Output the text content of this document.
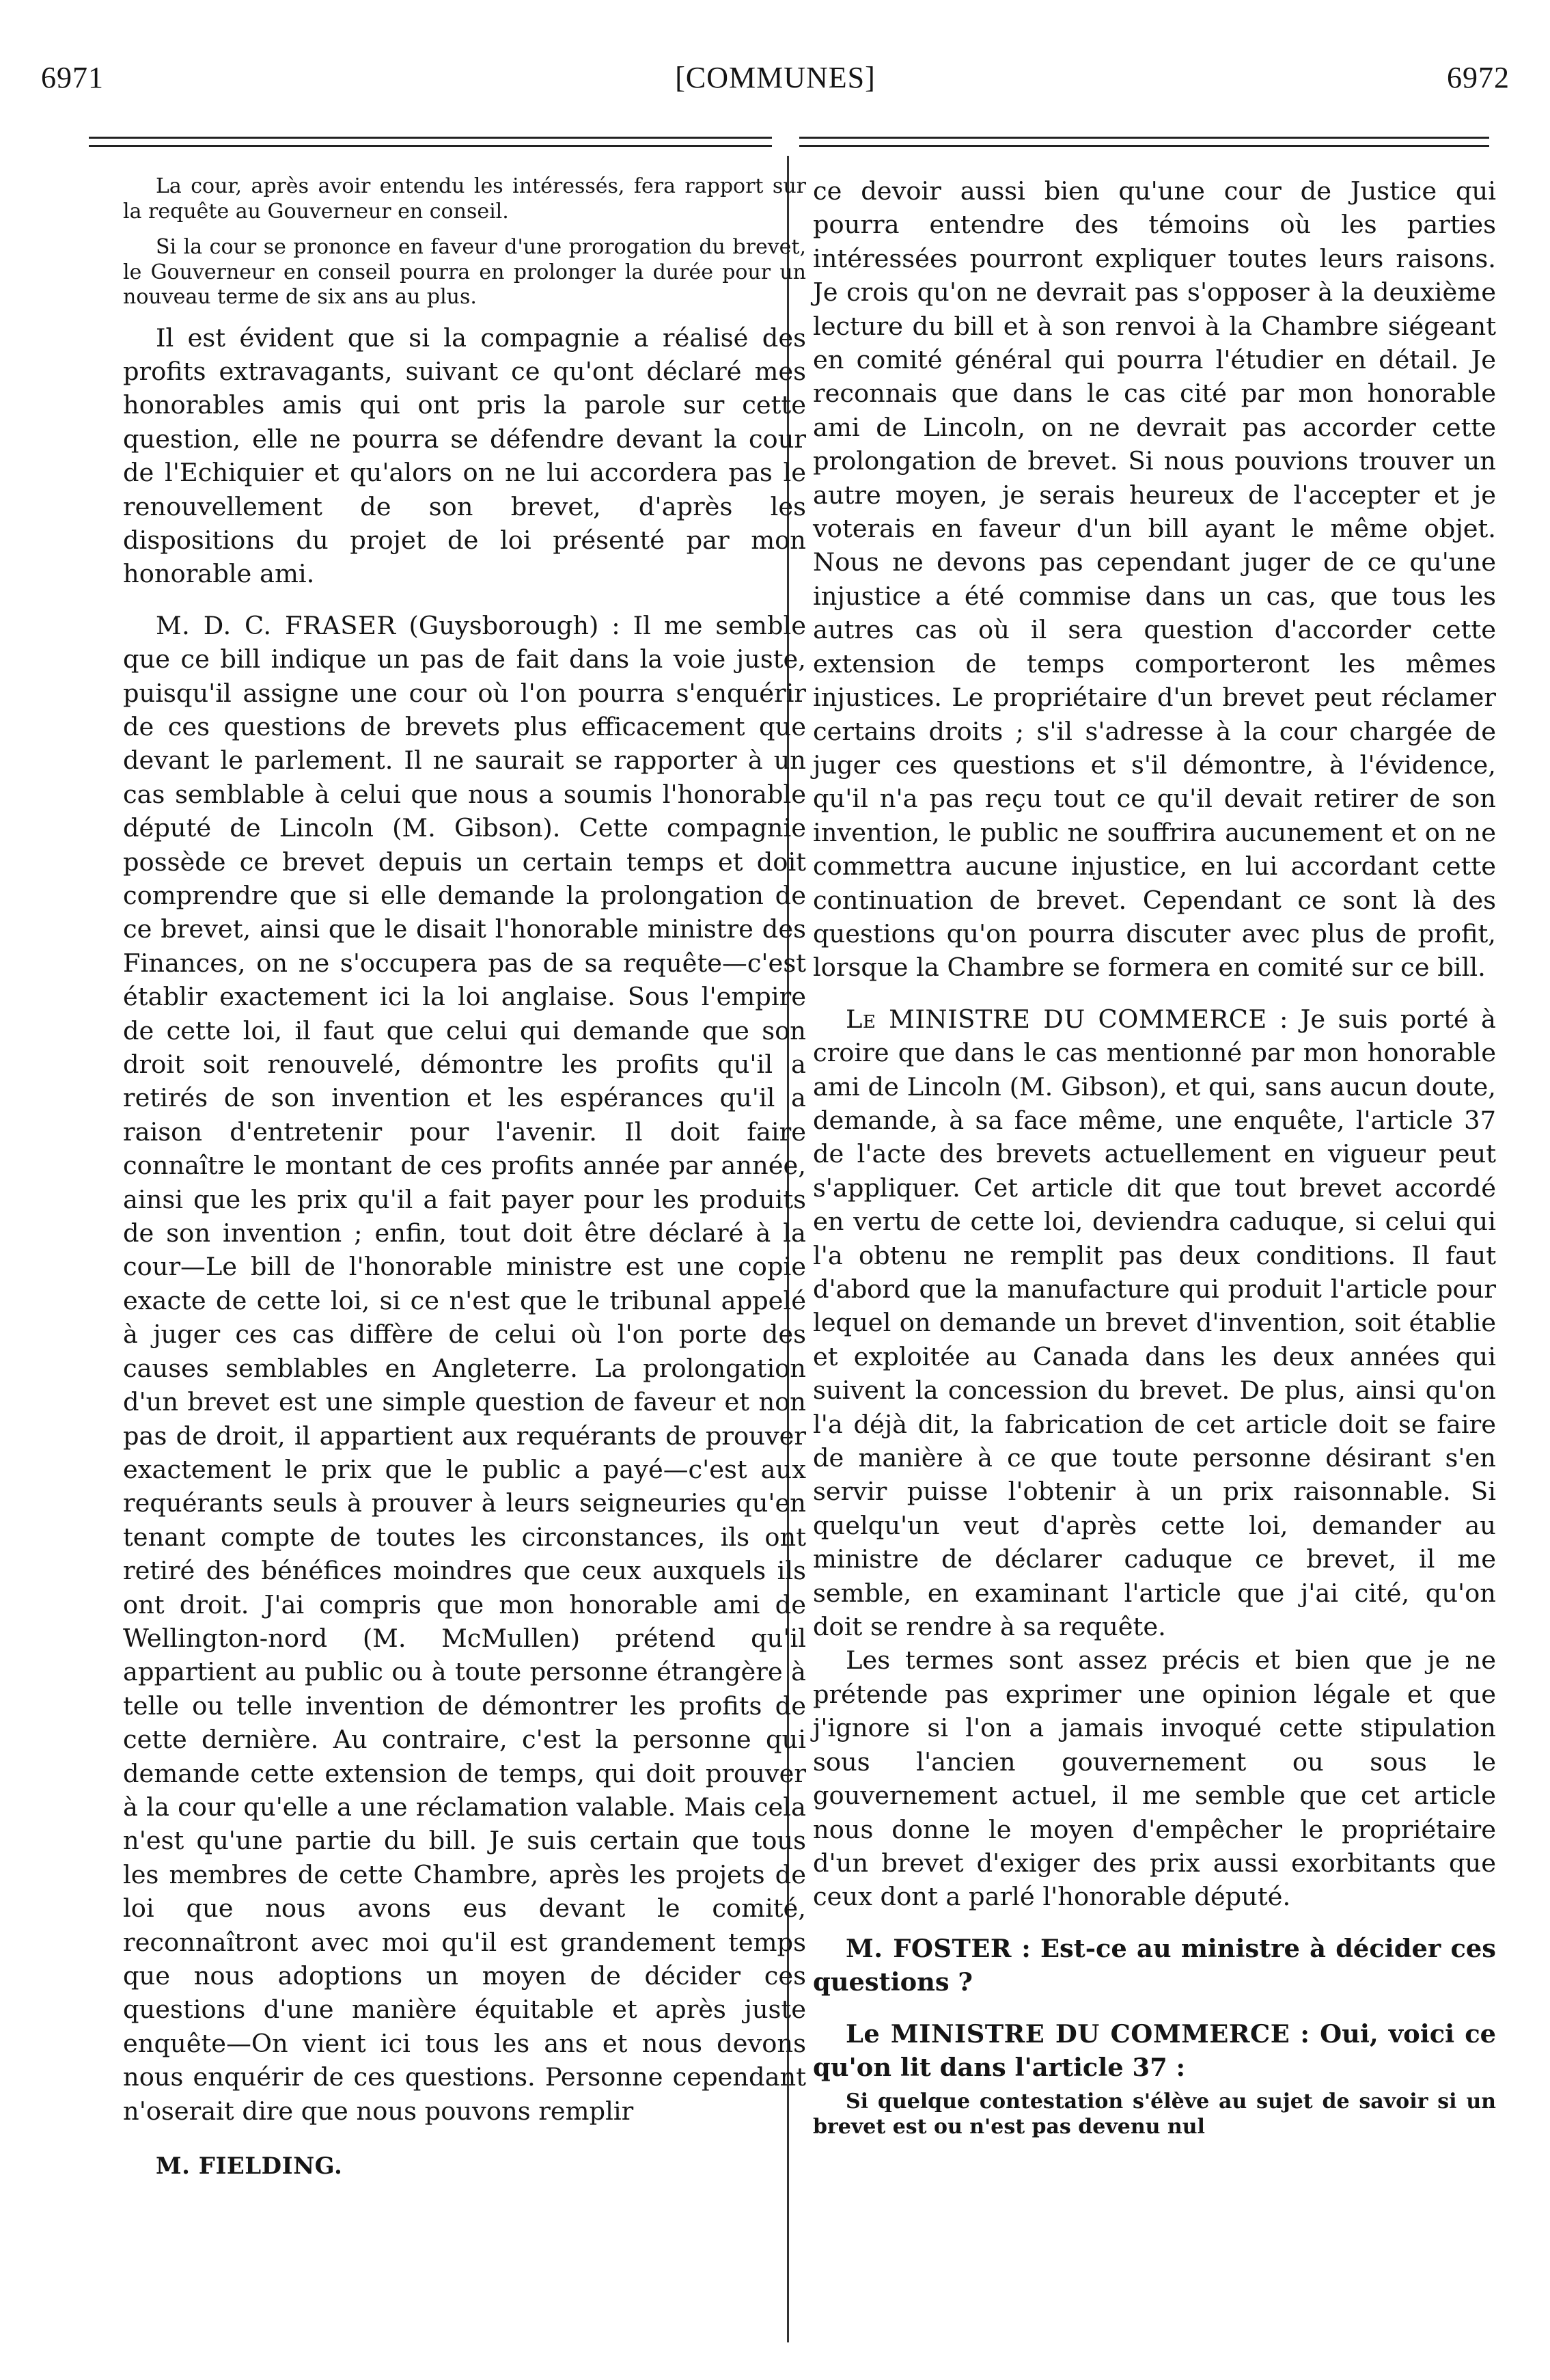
6971	[COMMUNES]	6972

La cour, après avoir entendu les intéressés, fera rapport sur la requête au Gouverneur en conseil.

Si la cour se prononce en faveur d'une prorogation du brevet, le Gouverneur en conseil pourra en prolonger la durée pour un nouveau terme de six ans au plus.

Il est évident que si la compagnie a réalisé des profits extravagants, suivant ce qu'ont déclaré mes honorables amis qui ont pris la parole sur cette question, elle ne pourra se défendre devant la cour de l'Echiquier et qu'alors on ne lui accordera pas le renouvellement de son brevet, d'après les dispositions du projet de loi présenté par mon honorable ami.

M. D. C. FRASER (Guysborough) : Il me semble que ce bill indique un pas de fait dans la voie juste, puisqu'il assigne une cour où l'on pourra s'enquérir de ces questions de brevets plus efficacement que devant le parlement. Il ne saurait se rapporter à un cas semblable à celui que nous a soumis l'honorable député de Lincoln (M. Gibson). Cette compagnie possède ce brevet depuis un certain temps et doit comprendre que si elle demande la prolongation de ce brevet, ainsi que le disait l'honorable ministre des Finances, on ne s'occupera pas de sa requête—c'est établir exactement ici la loi anglaise. Sous l'empire de cette loi, il faut que celui qui demande que son droit soit renouvelé, démontre les profits qu'il a retirés de son invention et les espérances qu'il a raison d'entretenir pour l'avenir. Il doit faire connaître le montant de ces profits année par année, ainsi que les prix qu'il a fait payer pour les produits de son invention ; enfin, tout doit être déclaré à la cour—Le bill de l'honorable ministre est une copie exacte de cette loi, si ce n'est que le tribunal appelé à juger ces cas diffère de celui où l'on porte des causes semblables en Angleterre. La prolongation d'un brevet est une simple question de faveur et non pas de droit, il appartient aux requérants de prouver exactement le prix que le public a payé—c'est aux requérants seuls à prouver à leurs seigneuries qu'en tenant compte de toutes les circonstances, ils ont retiré des bénéfices moindres que ceux auxquels ils ont droit. J'ai compris que mon honorable ami de Wellington-nord (M. McMullen) prétend qu'il appartient au public ou à toute personne étrangère à telle ou telle invention de démontrer les profits de cette dernière. Au contraire, c'est la personne qui demande cette extension de temps, qui doit prouver à la cour qu'elle a une réclamation valable. Mais cela n'est qu'une partie du bill. Je suis certain que tous les membres de cette Chambre, après les projets de loi que nous avons eus devant le comité, reconnaîtront avec moi qu'il est grandement temps que nous adoptions un moyen de décider ces questions d'une manière équitable et après juste enquête—On vient ici tous les ans et nous devons nous enquérir de ces questions. Personne cependant n'oserait dire que nous pouvons remplir

M. FIELDING.

ce devoir aussi bien qu'une cour de Justice qui pourra entendre des témoins où les parties intéressées pourront expliquer toutes leurs raisons. Je crois qu'on ne devrait pas s'opposer à la deuxième lecture du bill et à son renvoi à la Chambre siégeant en comité général qui pourra l'étudier en détail. Je reconnais que dans le cas cité par mon honorable ami de Lincoln, on ne devrait pas accorder cette prolongation de brevet. Si nous pouvions trouver un autre moyen, je serais heureux de l'accepter et je voterais en faveur d'un bill ayant le même objet. Nous ne devons pas cependant juger de ce qu'une injustice a été commise dans un cas, que tous les autres cas où il sera question d'accorder cette extension de temps comporteront les mêmes injustices. Le propriétaire d'un brevet peut réclamer certains droits ; s'il s'adresse à la cour chargée de juger ces questions et s'il démontre, à l'évidence, qu'il n'a pas reçu tout ce qu'il devait retirer de son invention, le public ne souffrira aucunement et on ne commettra aucune injustice, en lui accordant cette continuation de brevet. Cependant ce sont là des questions qu'on pourra discuter avec plus de profit, lorsque la Chambre se formera en comité sur ce bill.

Le MINISTRE DU COMMERCE : Je suis porté à croire que dans le cas mentionné par mon honorable ami de Lincoln (M. Gibson), et qui, sans aucun doute, demande, à sa face même, une enquête, l'article 37 de l'acte des brevets actuellement en vigueur peut s'appliquer. Cet article dit que tout brevet accordé en vertu de cette loi, deviendra caduque, si celui qui l'a obtenu ne remplit pas deux conditions. Il faut d'abord que la manufacture qui produit l'article pour lequel on demande un brevet d'invention, soit établie et exploitée au Canada dans les deux années qui suivent la concession du brevet. De plus, ainsi qu'on l'a déjà dit, la fabrication de cet article doit se faire de manière à ce que toute personne désirant s'en servir puisse l'obtenir à un prix raisonnable. Si quelqu'un veut d'après cette loi, demander au ministre de déclarer caduque ce brevet, il me semble, en examinant l'article que j'ai cité, qu'on doit se rendre à sa requête.

Les termes sont assez précis et bien que je ne prétende pas exprimer une opinion légale et que j'ignore si l'on a jamais invoqué cette stipulation sous l'ancien gouvernement ou sous le gouvernement actuel, il me semble que cet article nous donne le moyen d'empêcher le propriétaire d'un brevet d'exiger des prix aussi exorbitants que ceux dont a parlé l'honorable député.

M. FOSTER : Est-ce au ministre à décider ces questions ?

Le MINISTRE DU COMMERCE : Oui, voici ce qu'on lit dans l'article 37 :

Si quelque contestation s'élève au sujet de savoir si un brevet est ou n'est pas devenu nul
